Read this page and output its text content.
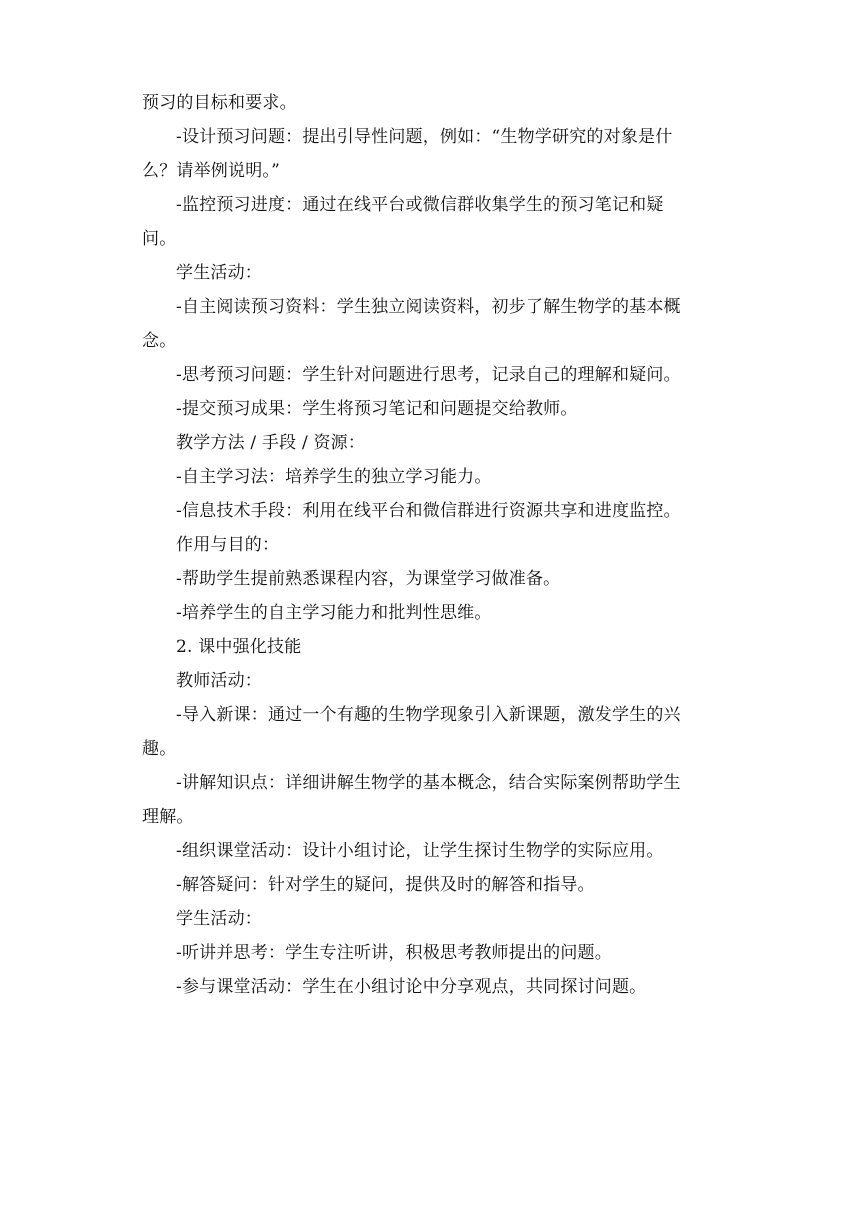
预习的目标和要求。
-设计预习问题：提出引导性问题，例如：“生物学研究的对象是什
么？请举例说明。”
-监控预习进度：通过在线平台或微信群收集学生的预习笔记和疑
问。
学生活动：
-自主阅读预习资料：学生独立阅读资料，初步了解生物学的基本概
念。
-思考预习问题：学生针对问题进行思考，记录自己的理解和疑问。
-提交预习成果：学生将预习笔记和问题提交给教师。
教学方法 / 手段 / 资源：
-自主学习法：培养学生的独立学习能力。
-信息技术手段：利用在线平台和微信群进行资源共享和进度监控。
作用与目的：
-帮助学生提前熟悉课程内容，为课堂学习做准备。
-培养学生的自主学习能力和批判性思维。
2. 课中强化技能
教师活动：
-导入新课：通过一个有趣的生物学现象引入新课题，激发学生的兴
趣。
-讲解知识点：详细讲解生物学的基本概念，结合实际案例帮助学生
理解。
-组织课堂活动：设计小组讨论，让学生探讨生物学的实际应用。
-解答疑问：针对学生的疑问，提供及时的解答和指导。
学生活动：
-听讲并思考：学生专注听讲，积极思考教师提出的问题。
-参与课堂活动：学生在小组讨论中分享观点，共同探讨问题。
